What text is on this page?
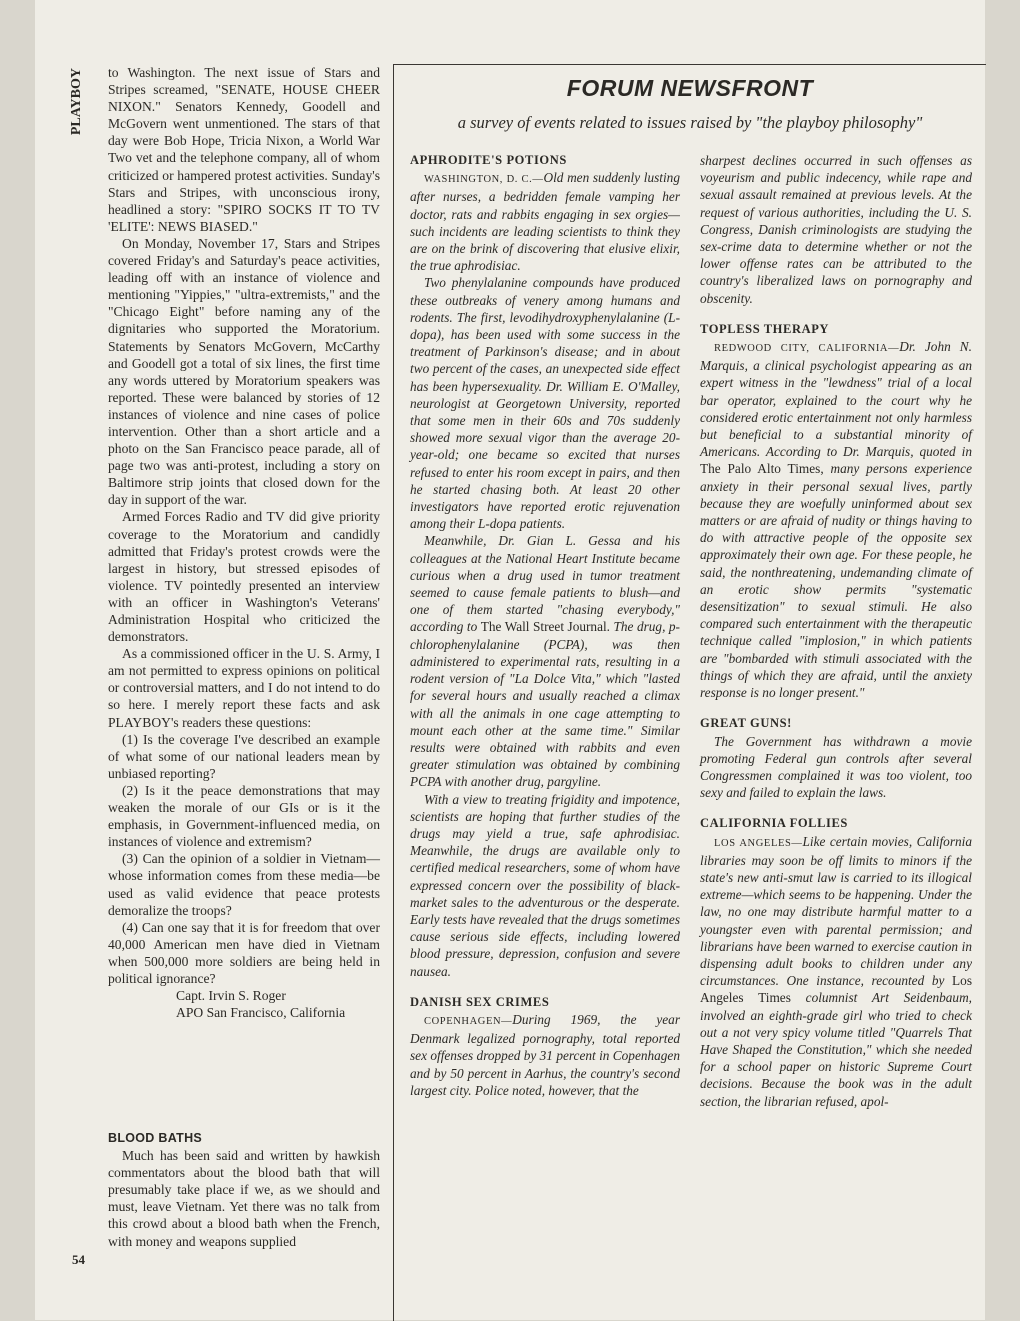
PLAYBOY
54

to Washington. The next issue of Stars and Stripes screamed, "SENATE, HOUSE CHEER NIXON." Senators Kennedy, Goodell and McGovern went unmentioned. The stars of that day were Bob Hope, Tricia Nixon, a World War Two vet and the telephone company, all of whom criticized or hampered protest activities. Sunday's Stars and Stripes, with unconscious irony, headlined a story: "SPIRO SOCKS IT TO TV 'ELITE': NEWS BIASED."

On Monday, November 17, Stars and Stripes covered Friday's and Saturday's peace activities, leading off with an instance of violence and mentioning "Yippies," "ultra-extremists," and the "Chicago Eight" before naming any of the dignitaries who supported the Moratorium. Statements by Senators McGovern, McCarthy and Goodell got a total of six lines, the first time any words uttered by Moratorium speakers was reported. These were balanced by stories of 12 instances of violence and nine cases of police intervention. Other than a short article and a photo on the San Francisco peace parade, all of page two was anti-protest, including a story on Baltimore strip joints that closed down for the day in support of the war.

Armed Forces Radio and TV did give priority coverage to the Moratorium and candidly admitted that Friday's protest crowds were the largest in history, but stressed episodes of violence. TV pointedly presented an interview with an officer in Washington's Veterans' Administration Hospital who criticized the demonstrators.

As a commissioned officer in the U. S. Army, I am not permitted to express opinions on political or controversial matters, and I do not intend to do so here. I merely report these facts and ask PLAYBOY's readers these questions:

(1) Is the coverage I've described an example of what some of our national leaders mean by unbiased reporting?

(2) Is it the peace demonstrations that may weaken the morale of our GIs or is it the emphasis, in Government-influenced media, on instances of violence and extremism?

(3) Can the opinion of a soldier in Vietnam—whose information comes from these media—be used as valid evidence that peace protests demoralize the troops?

(4) Can one say that it is for freedom that over 40,000 American men have died in Vietnam when 500,000 more soldiers are being held in political ignorance?

Capt. Irvin S. Roger

APO San Francisco, California

BLOOD BATHS

Much has been said and written by hawkish commentators about the blood bath that will presumably take place if we, as we should and must, leave Vietnam. Yet there was no talk from this crowd about a blood bath when the French, with money and weapons supplied

FORUM NEWSFRONT
a survey of events related to issues raised by "the playboy philosophy"

APHRODITE'S POTIONS

WASHINGTON, D. C.—Old men suddenly lusting after nurses, a bedridden female vamping her doctor, rats and rabbits engaging in sex orgies—such incidents are leading scientists to think they are on the brink of discovering that elusive elixir, the true aphrodisiac.

Two phenylalanine compounds have produced these outbreaks of venery among humans and rodents. The first, levodihydroxyphenylalanine (L-dopa), has been used with some success in the treatment of Parkinson's disease; and in about two percent of the cases, an unexpected side effect has been hypersexuality. Dr. William E. O'Malley, neurologist at Georgetown University, reported that some men in their 60s and 70s suddenly showed more sexual vigor than the average 20-year-old; one became so excited that nurses refused to enter his room except in pairs, and then he started chasing both. At least 20 other investigators have reported erotic rejuvenation among their L-dopa patients.

Meanwhile, Dr. Gian L. Gessa and his colleagues at the National Heart Institute became curious when a drug used in tumor treatment seemed to cause female patients to blush—and one of them started "chasing everybody," according to The Wall Street Journal. The drug, p-chlorophenylalanine (PCPA), was then administered to experimental rats, resulting in a rodent version of "La Dolce Vita," which "lasted for several hours and usually reached a climax with all the animals in one cage attempting to mount each other at the same time." Similar results were obtained with rabbits and even greater stimulation was obtained by combining PCPA with another drug, pargyline.

With a view to treating frigidity and impotence, scientists are hoping that further studies of the drugs may yield a true, safe aphrodisiac. Meanwhile, the drugs are available only to certified medical researchers, some of whom have expressed concern over the possibility of black-market sales to the adventurous or the desperate. Early tests have revealed that the drugs sometimes cause serious side effects, including lowered blood pressure, depression, confusion and severe nausea.

DANISH SEX CRIMES

COPENHAGEN—During 1969, the year Denmark legalized pornography, total reported sex offenses dropped by 31 percent in Copenhagen and by 50 percent in Aarhus, the country's second largest city. Police noted, however, that the

sharpest declines occurred in such offenses as voyeurism and public indecency, while rape and sexual assault remained at previous levels. At the request of various authorities, including the U. S. Congress, Danish criminologists are studying the sex-crime data to determine whether or not the lower offense rates can be attributed to the country's liberalized laws on pornography and obscenity.

TOPLESS THERAPY

REDWOOD CITY, CALIFORNIA—Dr. John N. Marquis, a clinical psychologist appearing as an expert witness in the "lewdness" trial of a local bar operator, explained to the court why he considered erotic entertainment not only harmless but beneficial to a substantial minority of Americans. According to Dr. Marquis, quoted in The Palo Alto Times, many persons experience anxiety in their personal sexual lives, partly because they are woefully uninformed about sex matters or are afraid of nudity or things having to do with attractive people of the opposite sex approximately their own age. For these people, he said, the nonthreatening, undemanding climate of an erotic show permits "systematic desensitization" to sexual stimuli. He also compared such entertainment with the therapeutic technique called "implosion," in which patients are "bombarded with stimuli associated with the things of which they are afraid, until the anxiety response is no longer present."

GREAT GUNS!

The Government has withdrawn a movie promoting Federal gun controls after several Congressmen complained it was too violent, too sexy and failed to explain the laws.

CALIFORNIA FOLLIES

LOS ANGELES—Like certain movies, California libraries may soon be off limits to minors if the state's new anti-smut law is carried to its illogical extreme—which seems to be happening. Under the law, no one may distribute harmful matter to a youngster even with parental permission; and librarians have been warned to exercise caution in dispensing adult books to children under any circumstances. One instance, recounted by Los Angeles Times columnist Art Seidenbaum, involved an eighth-grade girl who tried to check out a not very spicy volume titled "Quarrels That Have Shaped the Constitution," which she needed for a school paper on historic Supreme Court decisions. Because the book was in the adult section, the librarian refused, apol-
